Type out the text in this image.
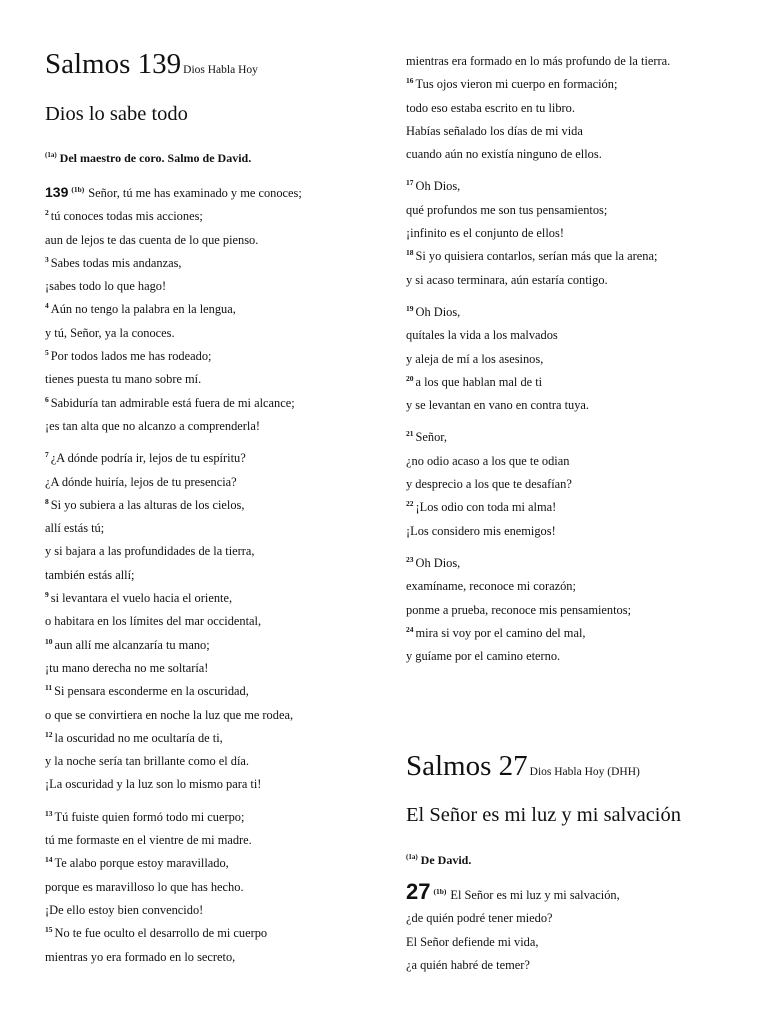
Salmos 139 Dios Habla Hoy
Dios lo sabe todo
$^{(1a)}$ Del maestro de coro. Salmo de David.
139 $^{(1b)}$ Señor, tú me has examinado y me conoces;
$^2$ tú conoces todas mis acciones;
aun de lejos te das cuenta de lo que pienso.
$^3$ Sabes todas mis andanzas,
¡sabes todo lo que hago!
$^4$ Aún no tengo la palabra en la lengua,
y tú, Señor, ya la conoces.
$^5$ Por todos lados me has rodeado;
tienes puesta tu mano sobre mí.
$^6$ Sabiduría tan admirable está fuera de mi alcance;
¡es tan alta que no alcanzo a comprenderla!
$^7$ ¿A dónde podría ir, lejos de tu espíritu?
¿A dónde huiría, lejos de tu presencia?
$^8$ Si yo subiera a las alturas de los cielos,
allí estás tú;
y si bajara a las profundidades de la tierra,
también estás allí;
$^9$ si levantara el vuelo hacia el oriente,
o habitara en los límites del mar occidental,
$^{10}$ aun allí me alcanzaría tu mano;
¡tu mano derecha no me soltaría!
$^{11}$ Si pensara esconderme en la oscuridad,
o que se convirtiera en noche la luz que me rodea,
$^{12}$ la oscuridad no me ocultaría de ti,
y la noche sería tan brillante como el día.
¡La oscuridad y la luz son lo mismo para ti!
$^{13}$ Tú fuiste quien formó todo mi cuerpo;
tú me formaste en el vientre de mi madre.
$^{14}$ Te alabo porque estoy maravillado,
porque es maravilloso lo que has hecho.
¡De ello estoy bien convencido!
$^{15}$ No te fue oculto el desarrollo de mi cuerpo
mientras yo era formado en lo secreto,
mientras era formado en lo más profundo de la tierra.
$^{16}$ Tus ojos vieron mi cuerpo en formación;
todo eso estaba escrito en tu libro.
Habías señalado los días de mi vida
cuando aún no existía ninguno de ellos.
$^{17}$ Oh Dios,
qué profundos me son tus pensamientos;
¡infinito es el conjunto de ellos!
$^{18}$ Si yo quisiera contarlos, serían más que la arena;
y si acaso terminara, aún estaría contigo.
$^{19}$ Oh Dios,
quítales la vida a los malvados
y aleja de mí a los asesinos,
$^{20}$ a los que hablan mal de ti
y se levantan en vano en contra tuya.
$^{21}$ Señor,
¿no odio acaso a los que te odian
y desprecio a los que te desafían?
$^{22}$ ¡Los odio con toda mi alma!
¡Los considero mis enemigos!
$^{23}$ Oh Dios,
examíname, reconoce mi corazón;
ponme a prueba, reconoce mis pensamientos;
$^{24}$ mira si voy por el camino del mal,
y guíame por el camino eterno.
Salmos 27 Dios Habla Hoy (DHH)
El Señor es mi luz y mi salvación
$^{(1a)}$ De David.
27 $^{(1b)}$ El Señor es mi luz y mi salvación,
¿de quién podré tener miedo?
El Señor defiende mi vida,
¿a quién habré de temer?
